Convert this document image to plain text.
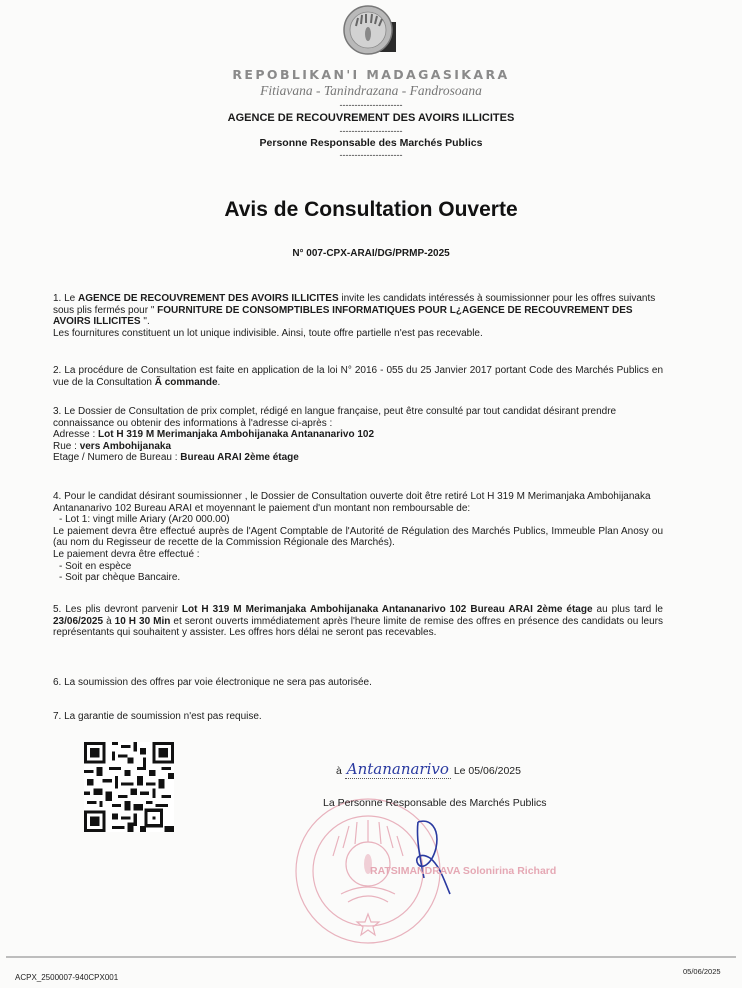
REPOBLIKAN'I MADAGASIKARA
Fitiavana - Tanindrazana - Fandrosoana
---------------------
AGENCE DE RECOUVREMENT DES AVOIRS ILLICITES
---------------------
Personne Responsable des Marchés Publics
---------------------
Avis de Consultation Ouverte
N° 007-CPX-ARAI/DG/PRMP-2025
1. Le AGENCE DE RECOUVREMENT DES AVOIRS ILLICITES invite les candidats intéressés à soumissionner pour les offres suivants sous plis fermés pour " FOURNITURE DE CONSOMPTIBLES INFORMATIQUES POUR L¿AGENCE DE RECOUVREMENT DES AVOIRS ILLICITES ".
Les fournitures constituent un lot unique indivisible. Ainsi, toute offre partielle n'est pas recevable.
2. La procédure de Consultation est faite en application de la loi N° 2016 - 055 du 25 Janvier 2017 portant Code des Marchés Publics en vue de la Consultation Ã commande.
3. Le Dossier de Consultation de prix complet, rédigé en langue française, peut être consulté par tout candidat désirant prendre connaissance ou obtenir des informations à l'adresse ci-après :
Adresse : Lot H 319 M Merimanjaka Ambohijanaka Antananarivo 102
Rue : vers Ambohijanaka
Etage / Numero de Bureau : Bureau ARAI 2ème étage
4. Pour le candidat désirant soumissionner , le Dossier de Consultation ouverte doit être retiré Lot H 319 M Merimanjaka Ambohijanaka Antananarivo 102 Bureau ARAI et moyennant le paiement d'un montant non remboursable de:
- Lot 1: vingt mille Ariary (Ar20 000.00)
Le paiement devra être effectué auprès de l'Agent Comptable de l'Autorité de Régulation des Marchés Publics, Immeuble Plan Anosy ou (au nom du Regisseur de recette de la Commission Régionale des Marchés).
Le paiement devra être effectué :
- Soit en espèce
- Soit par chèque Bancaire.
5. Les plis devront parvenir Lot H 319 M Merimanjaka Ambohijanaka Antananarivo 102 Bureau ARAI 2ème étage au plus tard le 23/06/2025 à 10 H 30 Min et seront ouverts immédiatement après l'heure limite de remise des offres en présence des candidats ou leurs représentants qui souhaitent y assister. Les offres hors délai ne seront pas recevables.
6. La soumission des offres par voie électronique ne sera pas autorisée.
7. La garantie de soumission n'est pas requise.
à Antananarivo Le 05/06/2025
La Personne Responsable des Marchés Publics
RATSIMANDRAVA Solonirina Richard
ACPX_2500007-940CPX001
05/06/2025
